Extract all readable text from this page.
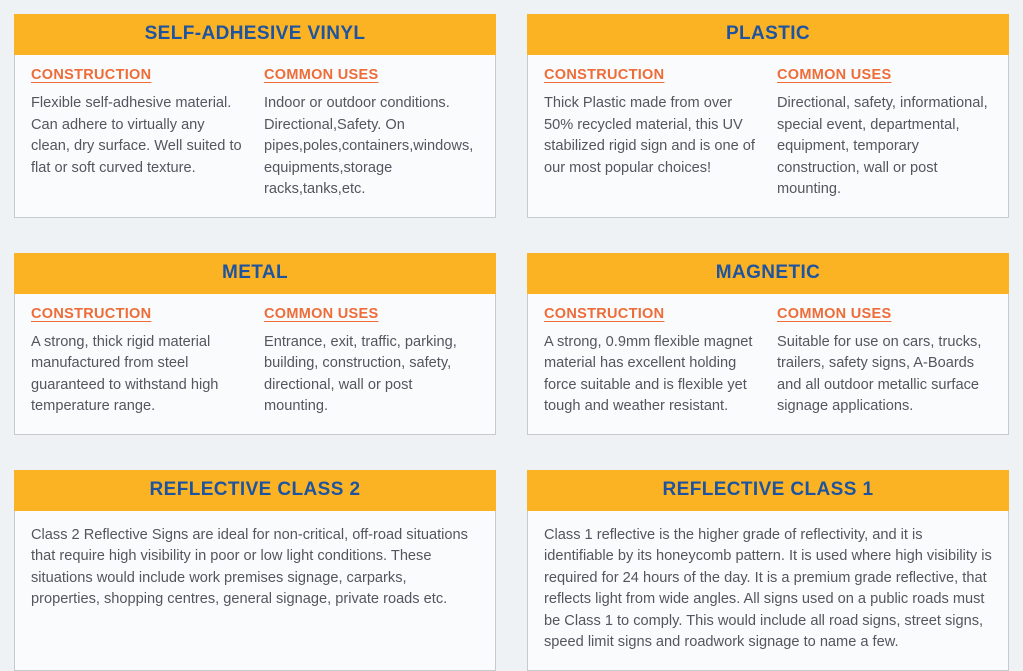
SELF-ADHESIVE VINYL
CONSTRUCTION

Flexible self-adhesive material. Can adhere to virtually any clean, dry surface. Well suited to flat or soft curved texture.

COMMON USES

Indoor or outdoor conditions. Directional,Safety. On pipes,poles,containers,windows, equipments,storage racks,tanks,etc.

PLASTIC
CONSTRUCTION

Thick Plastic made from over 50% recycled material, this UV stabilized rigid sign and is one of our most popular choices!

COMMON USES

Directional, safety, informational, special event, departmental, equipment, temporary construction, wall or post mounting.

METAL
CONSTRUCTION

A strong, thick rigid material manufactured from steel guaranteed to withstand high temperature range.

COMMON USES

Entrance, exit, traffic, parking, building, construction, safety, directional, wall or post mounting.

MAGNETIC
CONSTRUCTION

A strong, 0.9mm flexible magnet material has excellent holding force suitable and is flexible yet tough and weather resistant.

COMMON USES

Suitable for use on cars, trucks, trailers, safety signs, A-Boards and all outdoor metallic surface signage applications.

REFLECTIVE CLASS 2

Class 2 Reflective Signs are ideal for non-critical, off-road situations that require high visibility in poor or low light conditions. These situations would include work premises signage, carparks, properties, shopping centres, general signage, private roads etc.

REFLECTIVE CLASS 1

Class 1 reflective is the higher grade of reflectivity, and it is identifiable by its honeycomb pattern. It is used where high visibility is required for 24 hours of the day. It is a premium grade reflective, that reflects light from wide angles. All signs used on a public roads must be Class 1 to comply. This would include all road signs, street signs, speed limit signs and roadwork signage to name a few.
